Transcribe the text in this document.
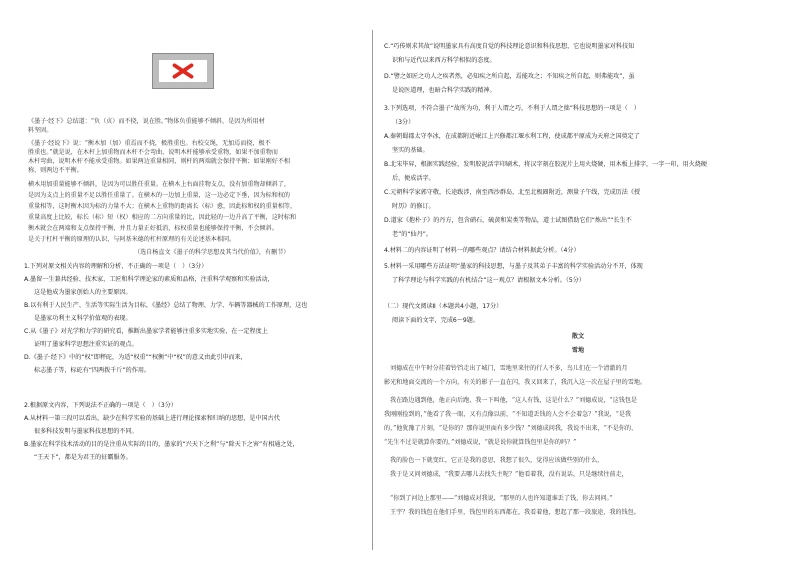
《墨子·经下》总结道：“负（贞）而不挠，说在胜。”物体负重能够不倾斜，是因为所用材
料坚固。
《墨子·经说下》说：“衡木加（加）重焉而不挠，极胜重也。右校交绳，无加焉而挠，极不
胜重也。”就是说，在木杆上加重物而木杆不会弯曲，说明木杆能够承受重物，如果不加重物而
木杆弯曲，说明木杆不能承受重物。如果两边重量相同，则杆的两端就会保持平衡；如果刚好不相
称，则两边不平衡。
横木用加重量能够不倾斜，是因为可以胜任重量。在横木上右面挂物支点，没有加重物却倾斜了，
是因为支点上的重量不足以胜任重量了。在横木的一边加上重量，这一边必定下垂，因为标和权的
重量相等，这时衡木因为标的力量不大；在横木上重物的距离长（标）愈，因此标和权的重量相等，
重量高度上比较，标长（标）短（权）相应的二方向重量的比，因此轻的一边升高了平衡，这时标和
衡木就会在两端和支点保持平衡，并且力量正好抵消，标权重量也能够保持平衡，不会倾斜。
是关于杠杆平衡的原理的认识，与阿基米德的杠杆原理的有关论述基本相同。
（选自杨直文《墨子的科学思想及其当代价值》，有删节）
1.下列对原文相关内容的理解和分析，不正确的一项是（　）（3分）
A.墨留一生兼共经验、技术家，工匠和科学理论家的素质和品格，注重科学观察和实验活动，
这是他成为墨家创始人的主要原因。
B.以有利于人民生产、生活等实际生活为目标，《墨经》总结了物理、力学、车辆等器械的工作原理，这也
是墨家功利主义科学价值观的表现。
C.从《墨子》对光学和力学的研究看，推断出墨家学者能够注重多实地实验，在一定程度上
证明了墨家科学思想注重实证的观点。
D.《墨子·经下》中的“权”即秤砣，为适“权重”“权衡”中“权”的意义由此引申而来，
标志墨子等，标砣有“四两拨千斤”的作用。
2.根据原文内容，下列说法不正确的一项是（　）（3分）
A.从材料一第三段可以看出，缺少在科学实验的基础上进行理论探索和归纳的思想，是中国古代
很多科技发明与墨家科技思想的不同。
B.墨家在科学技术活动的目的是注重从实际的目的，墨家的“兴天下之利”与“除天下之害”有相通之处，
“王天下”，都是为君王的征霸服务。
C.“巧传则求其故”说明墨家具有高度自觉的科技理论意识和科技思想，它也说明墨家对科技知
识和与近代以来西方科学相似的态度。
D.“譬之如匠之功人之疾者然，必知疾之所自起，焉能攻之；不知疾之所自起，则弗能攻”，虽
是说医道理，也暗合科学实践的精神。
3.下列选项，不符合墨子“故所为功，利于人谓之巧，不利于人谓之拙”科技思想的一项是（　）
（3分）
A.秦朝蜀郡太守李冰，在成都附近岷江上兴修都江堰水利工程，使成都平原成为天府之国奠定了
坚实的基础。
B.北宋毕昇，根据实践经验，发明胶泥活字印刷术，将汉字刻在胶泥片上用火烧硬，用木板上排字，一字一印，用火烧硬
后，便成活字。
C.元朝科学家郭守敬，长途跋涉，南至西沙群岛，北至北极圈附近，测量子午线，完成历法《授
时历》的修订。
D.道家《抱朴子》的丹方，包含硝石、硫黄和炭类等物品，道士试图借助它们“炼出”“长生不
老”的“仙丹”。
4.材料二的内容证明了材料一的哪些观点？请结合材料据此分析。（4分）
5.材料一采用哪些方法证明“墨家的科技思想，与墨子及其弟子丰富的科学实验活动分不开，体现
了科学理论与科学实践的有机结合”这一观点？请根据文本分析。（5分）
（二）现代文阅读Ⅱ（本题共4小题，17分）
阅读下面的文字，完成6～9题。
散文
雪地
刘德成在中午时分挂着铃铛走出了城门，雪地里来往的行人不多，鸟儿们在一个清澈的月
影光和地面交流的一个方向，有关的影子一直在闪，我又回来了，我沉入这一次在屋子里的雪地。
我在路边遇到他，他正向后跑，我一下叫他，“这人有钱，这是什么？”刘德成说，“这钱包是
我刚刚捡到的，”他看了我一眼，又有点像以前，“不知道丢钱的人会不会着急？”我说，“是我
的，”他犹豫了片刻，“是你的？那你说里面有多少钱？”刘德成问我，我说不出来，“不是你的，
“先生不过是就算你要的，”刘德成说，“就是说你就算钱包里是你的吗？”
我的脸色一下就变红，它正是我的意思，我想了很久，觉得应该做些别的什么，
我于是又问刘德成，“我要去哪儿去找失主呢？”他看着我，没有说话，只是继续往前走，
“你到了河边上那里——”刘德成对我说，“那里的人也许知道谁丢了钱，你去问问。”
王宇？我的钱包在他们手里，钱包里的东西都在，我看着他，想起了那一段旅途，我的钱包。
